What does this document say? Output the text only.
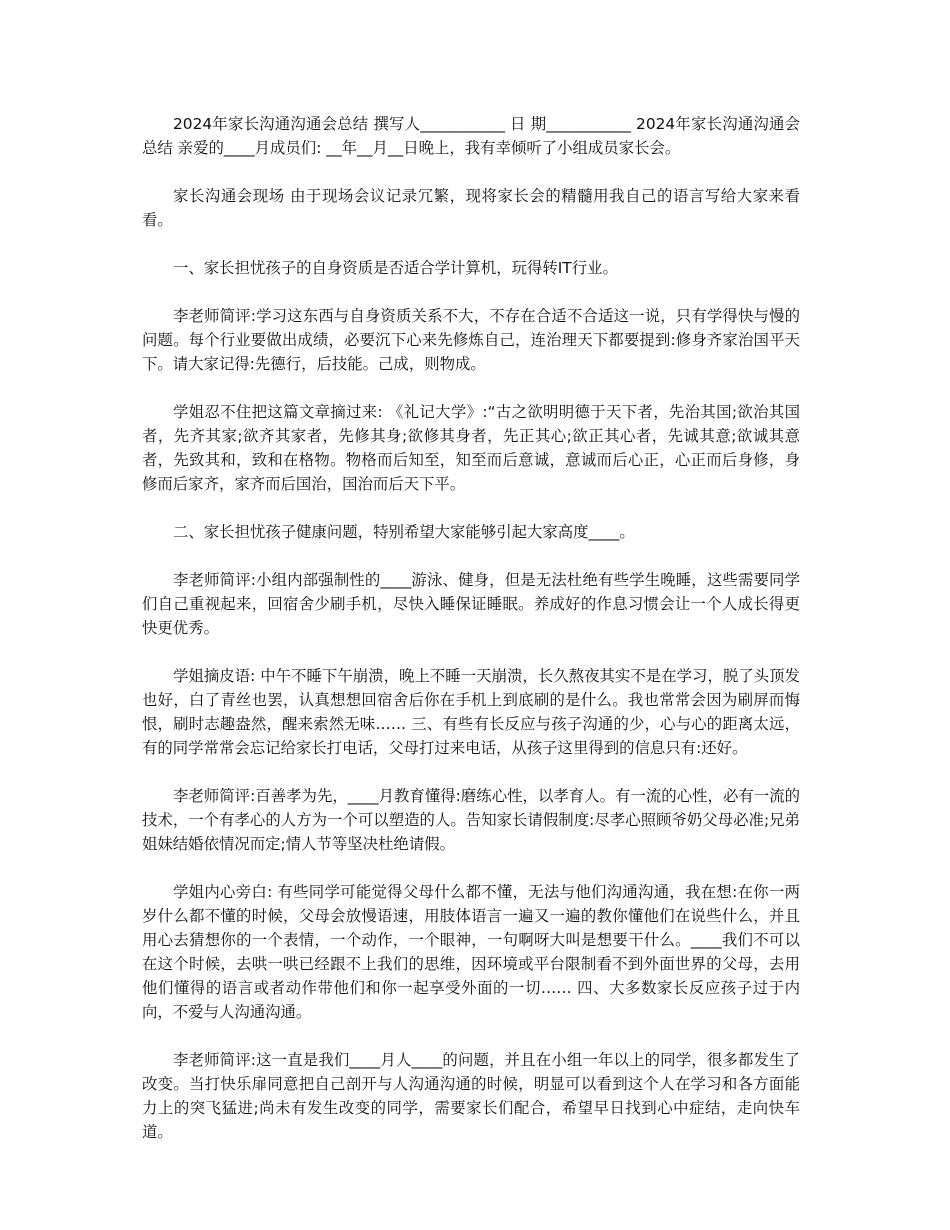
2024年家长沟通沟通会总结 撰写人___________ 日 期___________ 2024年家长沟通沟通会总结 亲爱的____月成员们: __年__月__日晚上，我有幸倾听了小组成员家长会。

家长沟通会现场 由于现场会议记录冗繁，现将家长会的精髓用我自己的语言写给大家来看看。

一、家长担忧孩子的自身资质是否适合学计算机，玩得转IT行业。

李老师简评:学习这东西与自身资质关系不大，不存在合适不合适这一说，只有学得快与慢的问题。每个行业要做出成绩，必要沉下心来先修炼自己，连治理天下都要提到:修身齐家治国平天下。请大家记得:先德行，后技能。己成，则物成。

学姐忍不住把这篇文章摘过来: 《礼记大学》:“古之欲明明德于天下者，先治其国;欲治其国者，先齐其家;欲齐其家者，先修其身;欲修其身者，先正其心;欲正其心者，先诚其意;欲诚其意者，先致其和，致和在格物。物格而后知至，知至而后意诚，意诚而后心正，心正而后身修，身修而后家齐，家齐而后国治，国治而后天下平。

二、家长担忧孩子健康问题，特别希望大家能够引起大家高度____。

李老师简评:小组内部强制性的____游泳、健身，但是无法杜绝有些学生晚睡，这些需要同学们自己重视起来，回宿舍少刷手机，尽快入睡保证睡眠。养成好的作息习惯会让一个人成长得更快更优秀。

学姐摘皮语: 中午不睡下午崩溃，晚上不睡一天崩溃，长久熬夜其实不是在学习，脱了头顶发也好，白了青丝也罢，认真想想回宿舍后你在手机上到底刷的是什么。我也常常会因为刷屏而悔恨，刷时志趣盎然，醒来索然无味…… 三、有些有长反应与孩子沟通的少，心与心的距离太远，有的同学常常会忘记给家长打电话，父母打过来电话，从孩子这里得到的信息只有:还好。

李老师简评:百善孝为先，____月教育懂得:磨练心性，以孝育人。有一流的心性，必有一流的技术，一个有孝心的人方为一个可以塑造的人。告知家长请假制度:尽孝心照顾爷奶父母必准;兄弟姐妹结婚依情况而定;情人节等坚决杜绝请假。

学姐内心旁白: 有些同学可能觉得父母什么都不懂，无法与他们沟通沟通，我在想:在你一两岁什么都不懂的时候，父母会放慢语速，用肢体语言一遍又一遍的教你懂他们在说些什么，并且用心去猜想你的一个表情，一个动作，一个眼神，一句啊呀大叫是想要干什么。____我们不可以在这个时候，去哄一哄已经跟不上我们的思维，因环境或平台限制看不到外面世界的父母，去用他们懂得的语言或者动作带他们和你一起享受外面的一切…… 四、大多数家长反应孩子过于内向，不爱与人沟通沟通。

李老师简评:这一直是我们____月人____的问题，并且在小组一年以上的同学，很多都发生了改变。当打快乐扉同意把自己剖开与人沟通沟通的时候，明显可以看到这个人在学习和各方面能力上的突飞猛进;尚未有发生改变的同学，需要家长们配合，希望早日找到心中症结，走向快车道。
